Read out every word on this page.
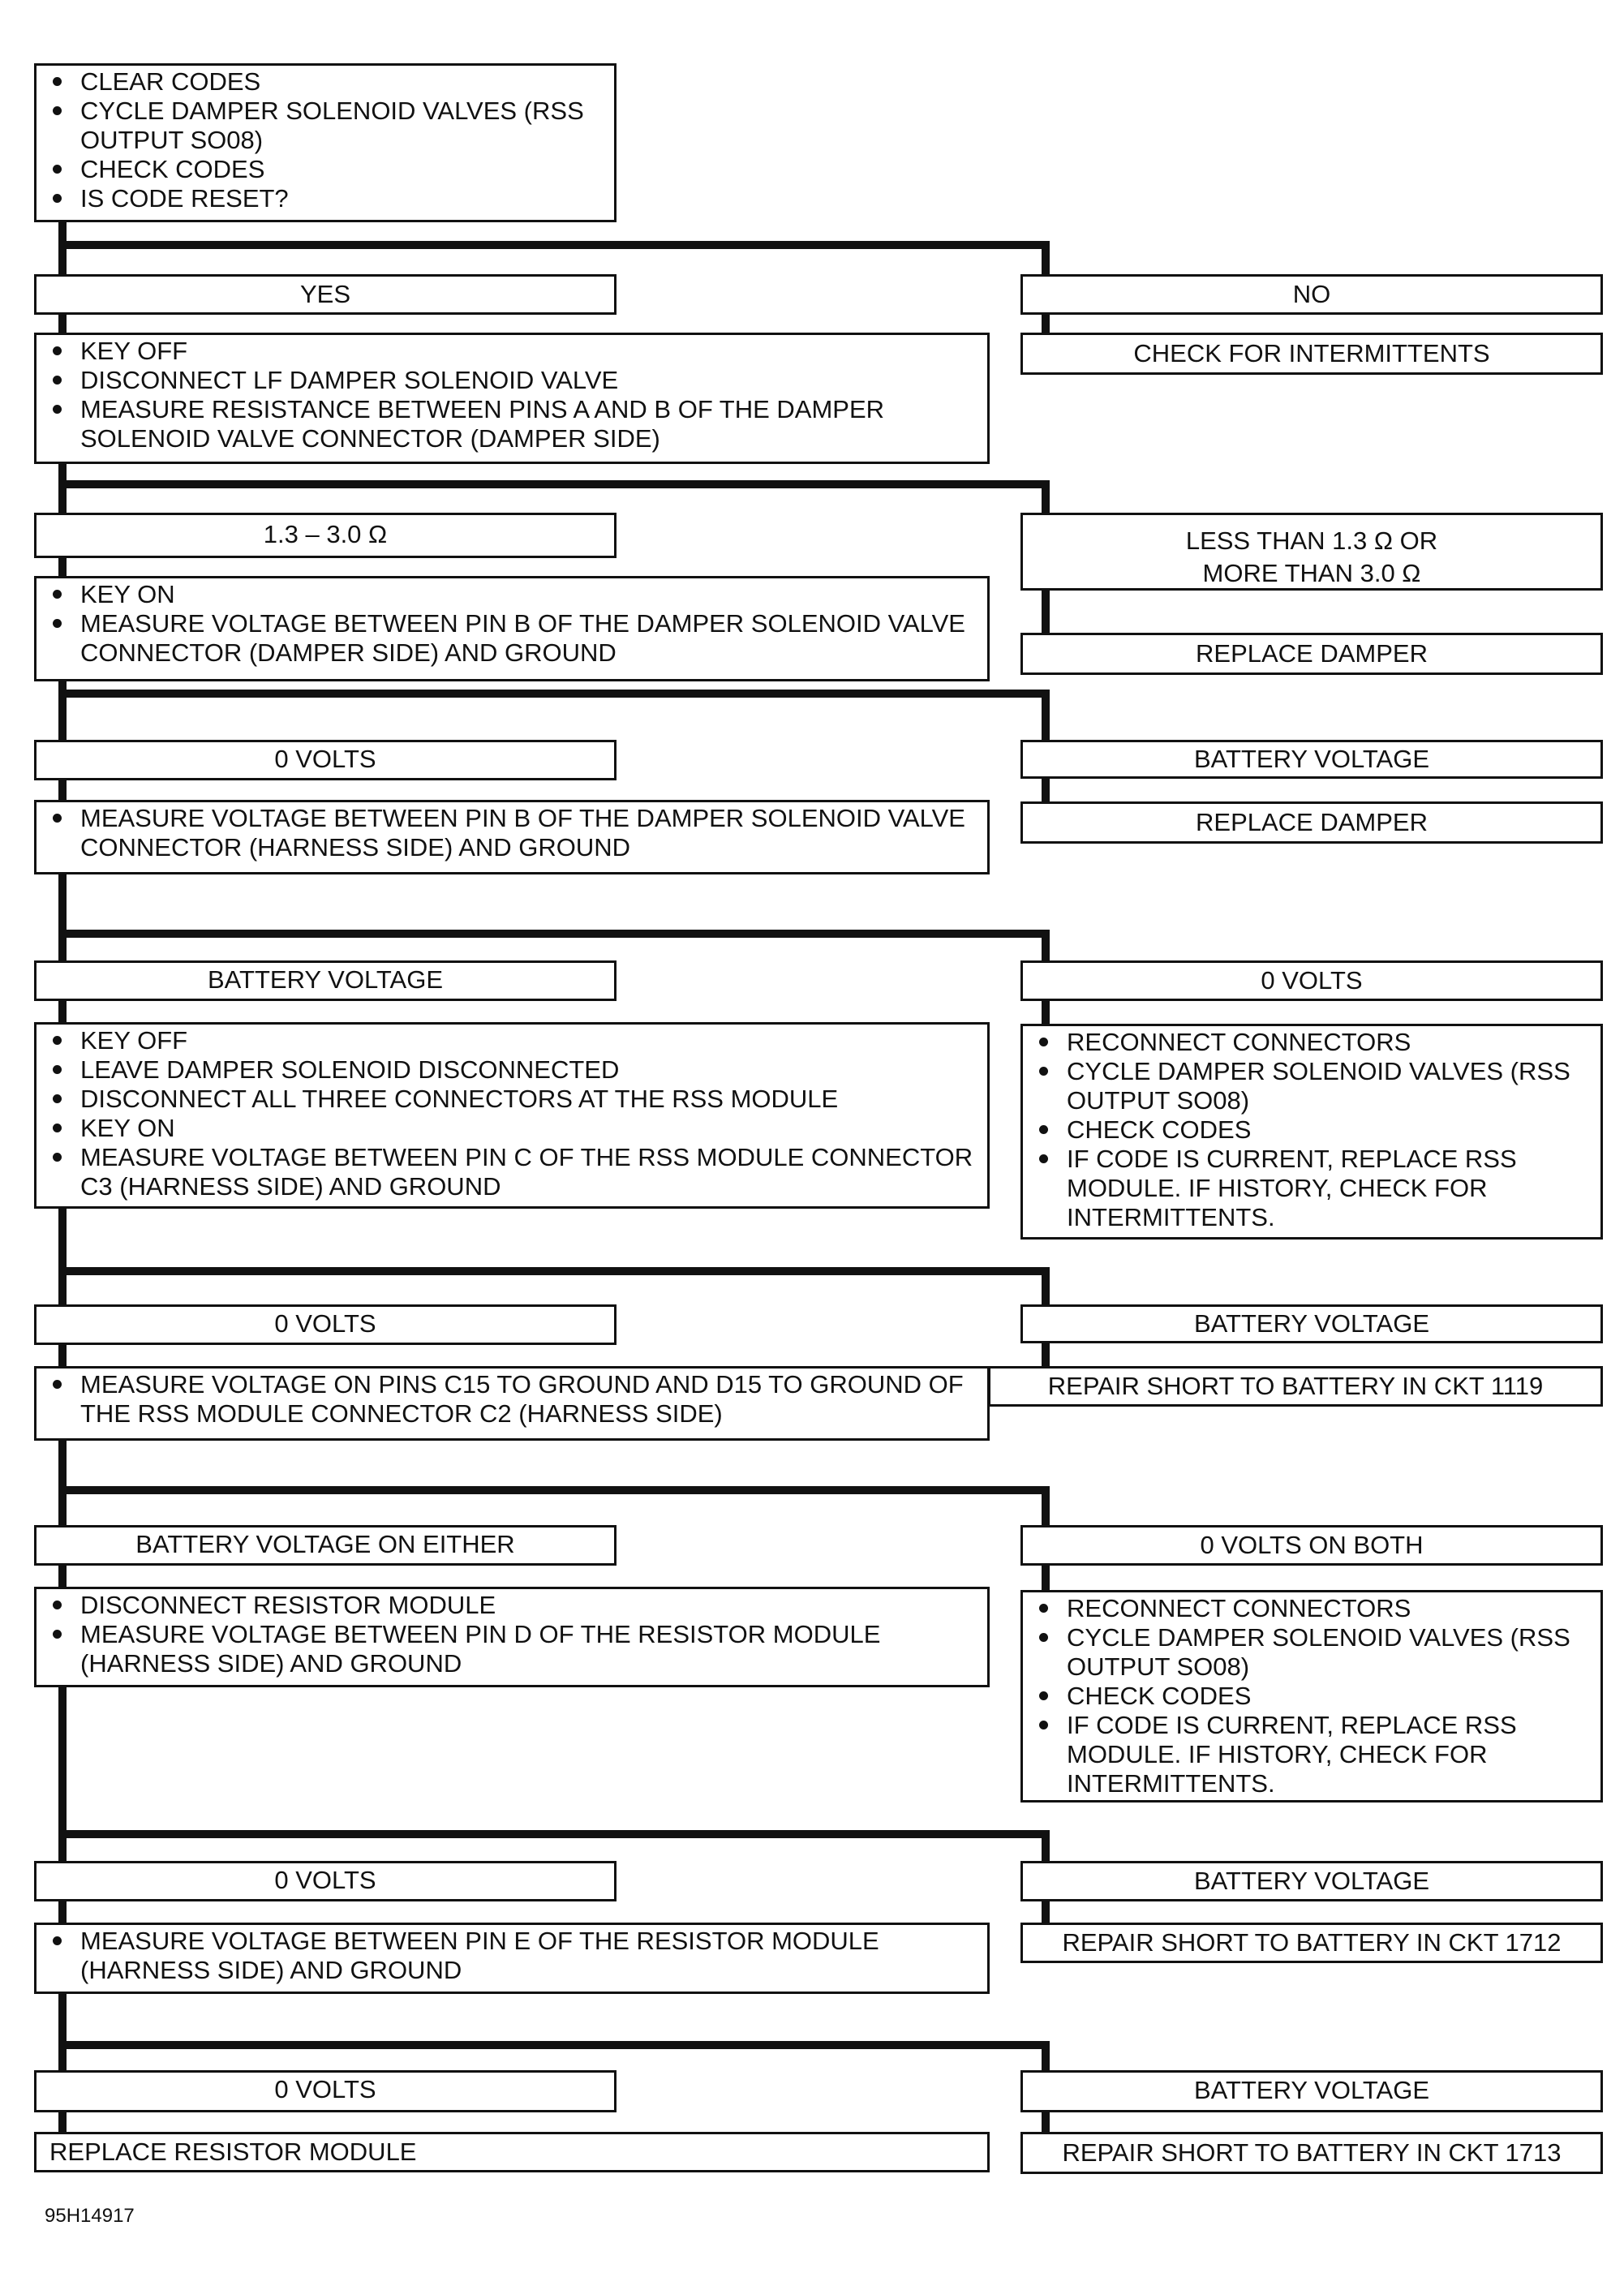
CLEAR CODES
CYCLE DAMPER SOLENOID VALVES (RSS OUTPUT SO08)
CHECK CODES
IS CODE RESET?
YES	NO
KEY OFF
DISCONNECT LF DAMPER SOLENOID VALVE
MEASURE RESISTANCE BETWEEN PINS A AND B OF THE DAMPER SOLENOID VALVE CONNECTOR (DAMPER SIDE)
CHECK FOR INTERMITTENTS
1.3 – 3.0 Ω	LESS THAN 1.3 Ω OR
MORE THAN 3.0 Ω
KEY ON
MEASURE VOLTAGE BETWEEN PIN B OF THE DAMPER SOLENOID VALVE CONNECTOR (DAMPER SIDE) AND GROUND	REPLACE DAMPER
0 VOLTS	BATTERY VOLTAGE
MEASURE VOLTAGE BETWEEN PIN B OF THE DAMPER SOLENOID VALVE CONNECTOR (HARNESS SIDE) AND GROUND
REPLACE DAMPER
BATTERY VOLTAGE	0 VOLTS
KEY OFF
LEAVE DAMPER SOLENOID DISCONNECTED
DISCONNECT ALL THREE CONNECTORS AT THE RSS MODULE
KEY ON
MEASURE VOLTAGE BETWEEN PIN C OF THE RSS MODULE CONNECTOR C3 (HARNESS SIDE) AND GROUND
RECONNECT CONNECTORS
CYCLE DAMPER SOLENOID VALVES (RSS OUTPUT SO08)
CHECK CODES
IF CODE IS CURRENT, REPLACE RSS MODULE. IF HISTORY, CHECK FOR INTERMITTENTS.
0 VOLTS	BATTERY VOLTAGE
MEASURE VOLTAGE ON PINS C15 TO GROUND AND D15 TO GROUND OF THE RSS MODULE CONNECTOR C2 (HARNESS SIDE)
REPAIR SHORT TO BATTERY IN CKT 1119
BATTERY VOLTAGE ON EITHER	0 VOLTS ON BOTH
DISCONNECT RESISTOR MODULE
MEASURE VOLTAGE BETWEEN PIN D OF THE RESISTOR MODULE (HARNESS SIDE) AND GROUND
RECONNECT CONNECTORS
CYCLE DAMPER SOLENOID VALVES (RSS OUTPUT SO08)
CHECK CODES
IF CODE IS CURRENT, REPLACE RSS MODULE. IF HISTORY, CHECK FOR INTERMITTENTS.
0 VOLTS	BATTERY VOLTAGE
MEASURE VOLTAGE BETWEEN PIN E OF THE RESISTOR MODULE (HARNESS SIDE) AND GROUND
REPAIR SHORT TO BATTERY IN CKT 1712
0 VOLTS	BATTERY VOLTAGE
REPLACE RESISTOR MODULE	REPAIR SHORT TO BATTERY IN CKT 1713
95H14917
